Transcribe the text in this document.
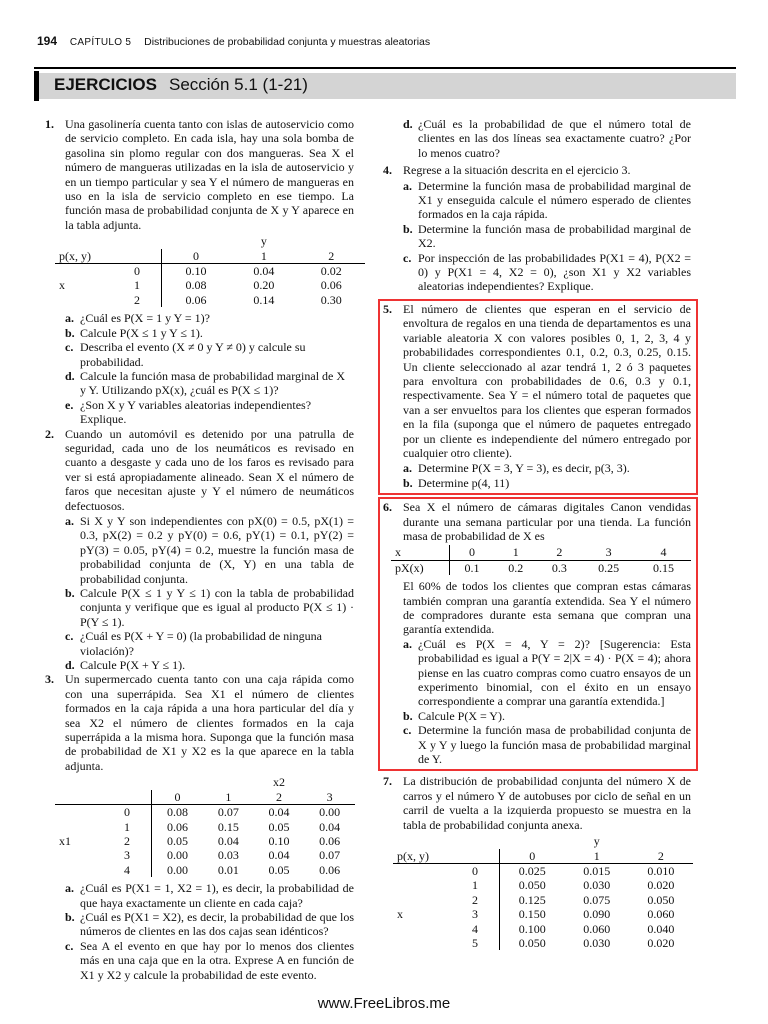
194 CAPÍTULO 5 Distribuciones de probabilidad conjunta y muestras aleatorias
EJERCICIOS Sección 5.1 (1-21)
1. Una gasolinería cuenta tanto con islas de autoservicio como de servicio completo. En cada isla, hay una sola bomba de gasolina sin plomo regular con dos mangueras. Sea X el número de mangueras utilizadas en la isla de autoservicio y en un tiempo particular y sea Y el número de mangueras en uso en la isla de servicio completo en ese tiempo. La función masa de probabilidad conjunta de X y Y aparece en la tabla adjunta.

			y	
p(x, y)		0	1	2
	0	0.10	0.04	0.02
x	1	0.08	0.20	0.06
	2	0.06	0.14	0.30
a. ¿Cuál es P(X = 1 y Y = 1)?
b. Calcule P(X ≤ 1 y Y ≤ 1).
c. Describa el evento (X ≠ 0 y Y ≠ 0) y calcule su probabilidad.
d. Calcule la función masa de probabilidad marginal de X y Y. Utilizando pX(x), ¿cuál es P(X ≤ 1)?
e. ¿Son X y Y variables aleatorias independientes? Explique.
2. Cuando un automóvil es detenido por una patrulla de seguridad, cada uno de los neumáticos es revisado en cuanto a desgaste y cada uno de los faros es revisado para ver si está apropiadamente alineado. Sean X el número de faros que necesitan ajuste y Y el número de neumáticos defectuosos.

a. Si X y Y son independientes con pX(0) = 0.5, pX(1) = 0.3, pX(2) = 0.2 y pY(0) = 0.6, pY(1) = 0.1, pY(2) = pY(3) = 0.05, pY(4) = 0.2, muestre la función masa de probabilidad conjunta de (X, Y) en una tabla de probabilidad conjunta.
b. Calcule P(X ≤ 1 y Y ≤ 1) con la tabla de probabilidad conjunta y verifique que es igual al producto P(X ≤ 1) · P(Y ≤ 1).
c. ¿Cuál es P(X + Y = 0) (la probabilidad de ninguna violación)?
d. Calcule P(X + Y ≤ 1).
3. Un supermercado cuenta tanto con una caja rápida como con una superrápida. Sea X1 el número de clientes formados en la caja rápida a una hora particular del día y sea X2 el número de clientes formados en la caja superrápida a la misma hora. Suponga que la función masa de probabilidad de X1 y X2 es la que aparece en la tabla adjunta.

				x2	
		0	1	2	3
	0	0.08	0.07	0.04	0.00
	1	0.06	0.15	0.05	0.04
x1	2	0.05	0.04	0.10	0.06
	3	0.00	0.03	0.04	0.07
	4	0.00	0.01	0.05	0.06
a. ¿Cuál es P(X1 = 1, X2 = 1), es decir, la probabilidad de que haya exactamente un cliente en cada caja?
b. ¿Cuál es P(X1 = X2), es decir, la probabilidad de que los números de clientes en las dos cajas sean idénticos?
c. Sea A el evento en que hay por lo menos dos clientes más en una caja que en la otra. Exprese A en función de X1 y X2 y calcule la probabilidad de este evento.
d. ¿Cuál es la probabilidad de que el número total de clientes en las dos líneas sea exactamente cuatro? ¿Por lo menos cuatro?
4. Regrese a la situación descrita en el ejercicio 3.

a. Determine la función masa de probabilidad marginal de X1 y enseguida calcule el número esperado de clientes formados en la caja rápida.
b. Determine la función masa de probabilidad marginal de X2.
c. Por inspección de las probabilidades P(X1 = 4), P(X2 = 0) y P(X1 = 4, X2 = 0), ¿son X1 y X2 variables aleatorias independientes? Explique.
5. El número de clientes que esperan en el servicio de envoltura de regalos en una tienda de departamentos es una variable aleatoria X con valores posibles 0, 1, 2, 3, 4 y probabilidades correspondientes 0.1, 0.2, 0.3, 0.25, 0.15. Un cliente seleccionado al azar tendrá 1, 2 ó 3 paquetes para envoltura con probabilidades de 0.6, 0.3 y 0.1, respectivamente. Sea Y = el número total de paquetes que van a ser envueltos para los clientes que esperan formados en la fila (suponga que el número de paquetes entregado por un cliente es independiente del número entregado por cualquier otro cliente).

a. Determine P(X = 3, Y = 3), es decir, p(3, 3).
b. Determine p(4, 11)
6. Sea X el número de cámaras digitales Canon vendidas durante una semana particular por una tienda. La función masa de probabilidad de X es

x	0	1	2	3	4
pX(x)	0.1	0.2	0.3	0.25	0.15

El 60% de todos los clientes que compran estas cámaras también compran una garantía extendida. Sea Y el número de compradores durante esta semana que compran una garantía extendida.

a. ¿Cuál es P(X = 4, Y = 2)? [Sugerencia: Esta probabilidad es igual a P(Y = 2|X = 4) · P(X = 4); ahora piense en las cuatro compras como cuatro ensayos de un experimento binomial, con el éxito en un ensayo correspondiente a comprar una garantía extendida.]
b. Calcule P(X = Y).
c. Determine la función masa de probabilidad conjunta de X y Y y luego la función masa de probabilidad marginal de Y.
7. La distribución de probabilidad conjunta del número X de carros y el número Y de autobuses por ciclo de señal en un carril de vuelta a la izquierda propuesto se muestra en la tabla de probabilidad conjunta anexa.

			y	
p(x, y)		0	1	2
	0	0.025	0.015	0.010
	1	0.050	0.030	0.020
	2	0.125	0.075	0.050
x	3	0.150	0.090	0.060
	4	0.100	0.060	0.040
	5	0.050	0.030	0.020
www.FreeLibros.me
